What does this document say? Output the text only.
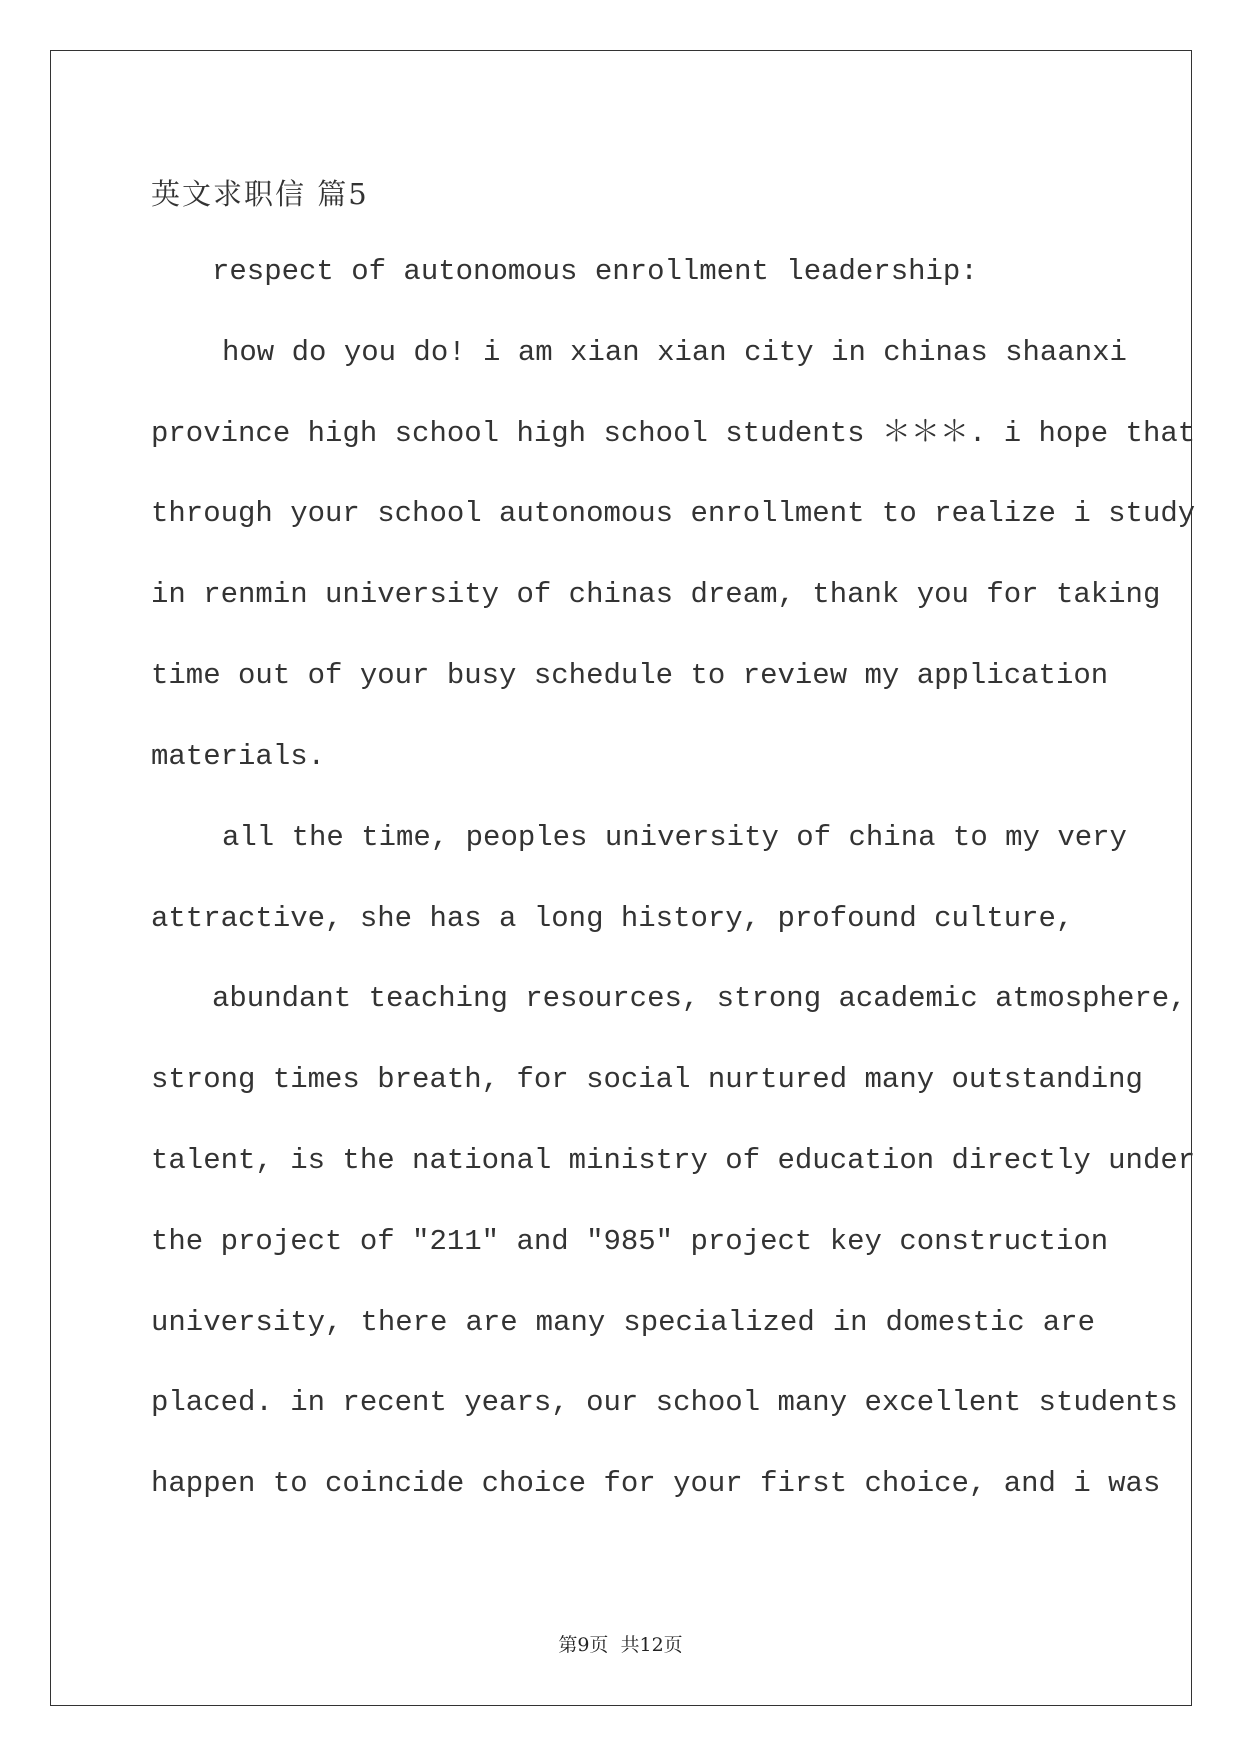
英文求职信 篇5
respect of autonomous enrollment leadership:
how do you do! i am xian xian city in chinas shaanxi
province high school high school students ＊＊＊. i hope that
through your school autonomous enrollment to realize i study
in renmin university of chinas dream, thank you for taking
time out of your busy schedule to review my application
materials.
all the time, peoples university of china to my very
attractive, she has a long history, profound culture,
abundant teaching resources, strong academic atmosphere,
strong times breath, for social nurtured many outstanding
talent, is the national ministry of education directly under
the project of "211" and "985" project key construction
university, there are many specialized in domestic are
placed. in recent years, our school many excellent students
happen to coincide choice for your first choice, and i was
第9页  共12页
